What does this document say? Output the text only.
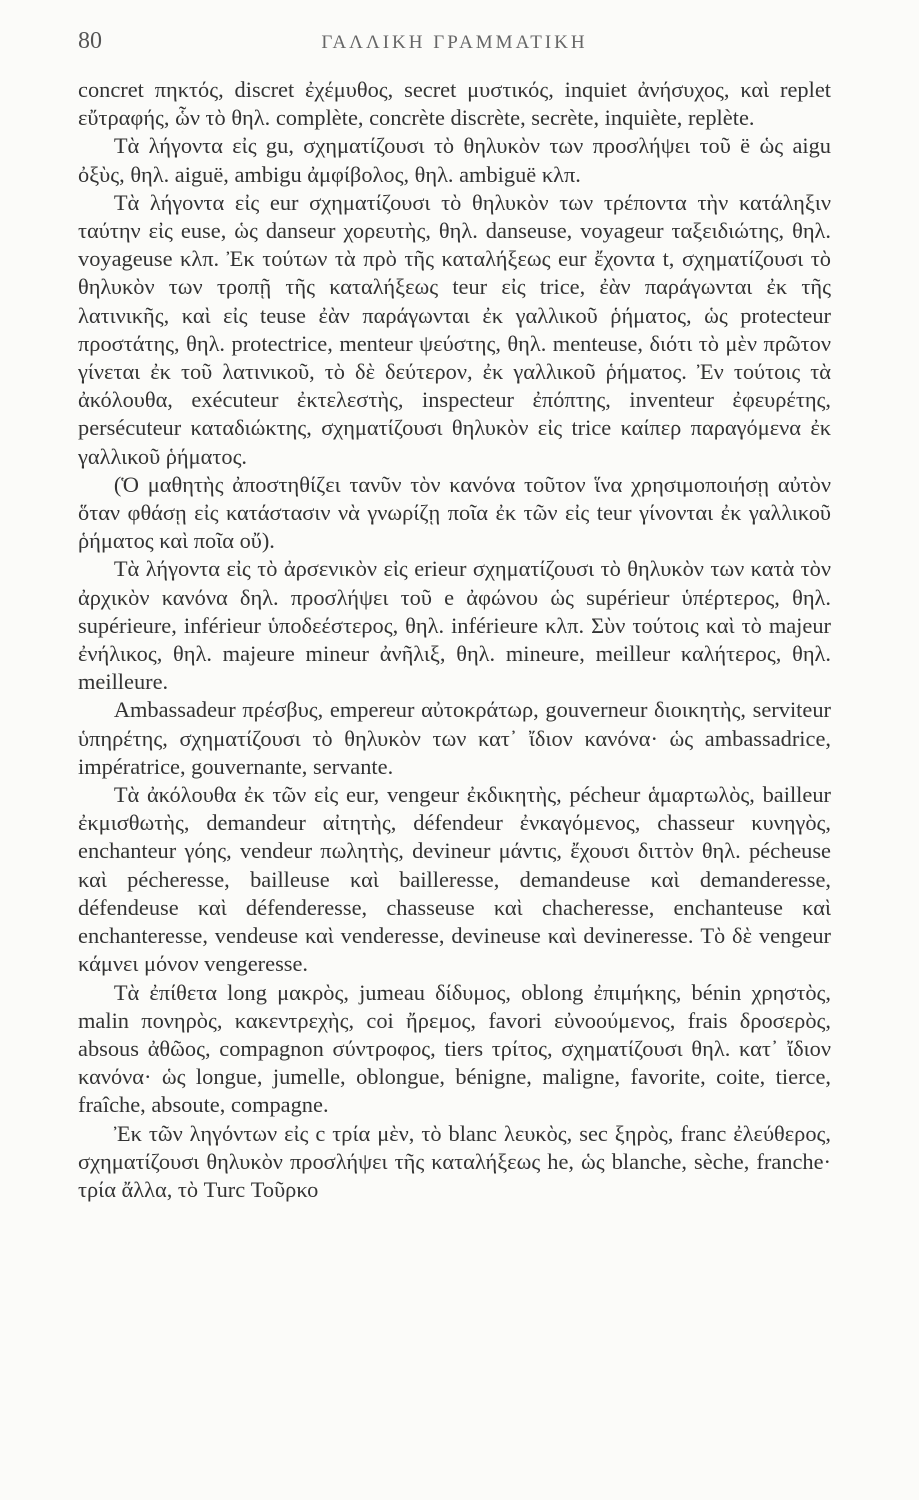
80	ΓΑΛΛΙΚΗ ΓΡΑΜΜΑΤΙΚΗ

concret πηκτός, discret ἐχέμυθος, secret μυστικός, inquiet ἀνήσυχος, καὶ replet εὔτραφής, ὧν τὸ θηλ. complète, concrète discrète, secrète, inquiète, replète.

Τὰ λήγοντα εἰς gu, σχηματίζουσι τὸ θηλυκὸν των προσλήψει τοῦ ë ὡς aigu ὀξὺς, θηλ. aiguë, ambigu ἀμφίβολος, θηλ. ambiguë κλπ.

Τὰ λήγοντα εἰς eur σχηματίζουσι τὸ θηλυκὸν των τρέποντα τὴν κατάληξιν ταύτην εἰς euse, ὡς danseur χορευτὴς, θηλ. danseuse, voyageur ταξειδιώτης, θηλ. voyageuse κλπ. Ἐκ τούτων τὰ πρὸ τῆς καταλήξεως eur ἔχοντα t, σχηματίζουσι τὸ θηλυκὸν των τροπῇ τῆς καταλήξεως teur εἰς trice, ἐὰν παράγωνται ἐκ τῆς λατινικῆς, καὶ εἰς teuse ἐὰν παράγωνται ἐκ γαλλικοῦ ῥήματος, ὡς protecteur προστάτης, θηλ. protectrice, menteur ψεύστης, θηλ. menteuse, διότι τὸ μὲν πρῶτον γίνεται ἐκ τοῦ λατινικοῦ, τὸ δὲ δεύτερον, ἐκ γαλλικοῦ ῥήματος. Ἐν τούτοις τὰ ἀκόλουθα, exécuteur ἐκτελεστὴς, inspecteur ἐπόπτης, inventeur ἐφευρέτης, persécuteur καταδιώκτης, σχηματίζουσι θηλυκὸν εἰς trice καίπερ παραγόμενα ἐκ γαλλικοῦ ῥήματος.

(Ὁ μαθητὴς ἀποστηθίζει τανῦν τὸν κανόνα τοῦτον ἵνα χρησιμοποιήσῃ αὐτὸν ὅταν φθάσῃ εἰς κατάστασιν νὰ γνωρίζῃ ποῖα ἐκ τῶν εἰς teur γίνονται ἐκ γαλλικοῦ ῥήματος καὶ ποῖα οὔ).

Τὰ λήγοντα εἰς τὸ ἀρσενικὸν εἰς erieur σχηματίζουσι τὸ θηλυκὸν των κατὰ τὸν ἀρχικὸν κανόνα δηλ. προσλήψει τοῦ e ἀφώνου ὡς supérieur ὑπέρτερος, θηλ. supérieure, inférieur ὑποδεέστερος, θηλ. inférieure κλπ. Σὺν τούτοις καὶ τὸ majeur ἐνήλικος, θηλ. majeure mineur ἀνῆλιξ, θηλ. mineure, meilleur καλήτερος, θηλ. meilleure.

Ambassadeur πρέσβυς, empereur αὐτοκράτωρ, gouverneur διοικητὴς, serviteur ὑπηρέτης, σχηματίζουσι τὸ θηλυκὸν των κατ᾽ ἴδιον κανόνα· ὡς ambassadrice, impératrice, gouvernante, servante.

Τὰ ἀκόλουθα ἐκ τῶν εἰς eur, vengeur ἐκδικητὴς, pécheur ἁμαρτωλὸς, bailleur ἐκμισθωτὴς, demandeur αἰτητὴς, défendeur ἐνκαγόμενος, chasseur κυνηγὸς, enchanteur γόης, vendeur πωλητὴς, devineur μάντις, ἔχουσι διττὸν θηλ. pécheuse καὶ pécheresse, bailleuse καὶ bailleresse, demandeuse καὶ demanderesse, défendeuse καὶ défenderesse, chasseuse καὶ chacheresse, enchanteuse καὶ enchanteresse, vendeuse καὶ venderesse, devineuse καὶ devineresse. Τὸ δὲ vengeur κάμνει μόνον vengeresse.

Τὰ ἐπίθετα long μακρὸς, jumeau δίδυμος, oblong ἐπιμήκης, bénin χρηστὸς, malin πονηρὸς, κακεντρεχὴς, coi ἤρεμος, favori εὐνοούμενος, frais δροσερὸς, absous ἀθῶος, compagnon σύντροφος, tiers τρίτος, σχηματίζουσι θηλ. κατ᾽ ἴδιον κανόνα· ὡς longue, jumelle, oblongue, bénigne, maligne, favorite, coite, tierce, fraîche, absoute, compagne.

Ἐκ τῶν ληγόντων εἰς c τρία μὲν, τὸ blanc λευκὸς, sec ξηρὸς, franc ἐλεύθερος, σχηματίζουσι θηλυκὸν προσλήψει τῆς καταλήξεως he, ὡς blanche, sèche, franche· τρία ἄλλα, τὸ Turc Τοῦρκο
